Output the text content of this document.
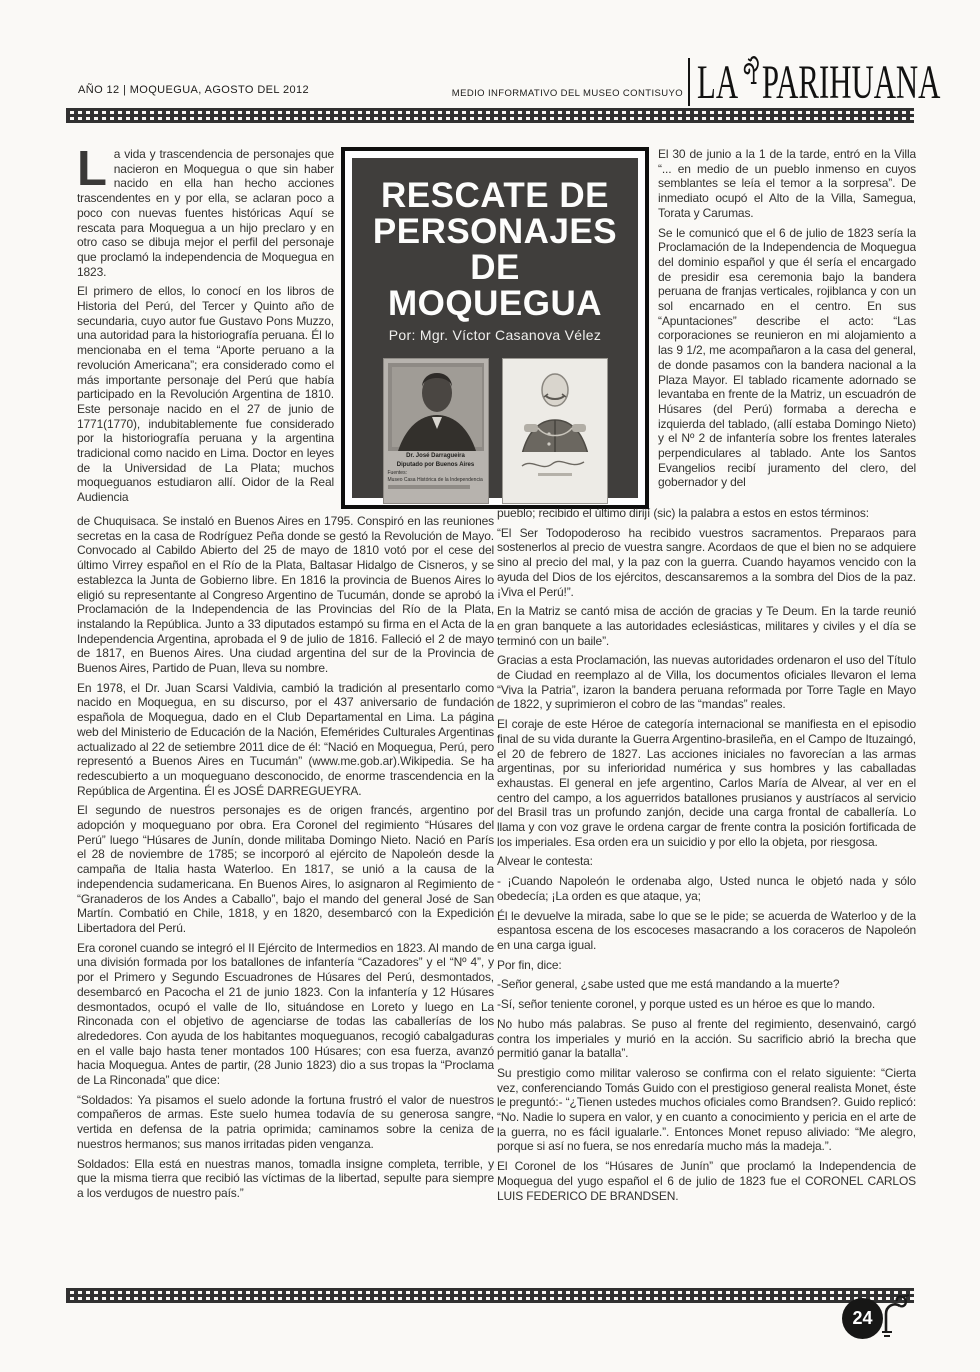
AÑO 12 | MOQUEGUA, AGOSTO DEL 2012	MEDIO INFORMATIVO DEL MUSEO CONTISUYO LA PARIHUANA

La vida y trascendencia de personajes que nacieron en Moquegua o que sin haber nacido en ella han hecho acciones trascendentes en y por ella, se aclaran poco a poco con nuevas fuentes históricas Aquí se rescata para Moquegua a un hijo preclaro y en otro caso se dibuja mejor el perfil del personaje que proclamó la independencia de Moquegua en 1823.

El primero de ellos, lo conocí en los libros de Historia del Perú, del Tercer y Quinto año de secundaria, cuyo autor fue Gustavo Pons Muzzo, una autoridad para la historiografía peruana. Él lo mencionaba en el tema “Aporte peruano a la revolución Americana”; era considerado como el más importante personaje del Perú que había participado en la Revolución Argentina de 1810. Este personaje nacido en el 27 de junio de 1771(1770), indubitablemente fue considerado por la historiografía peruana y la argentina tradicional como nacido en Lima. Doctor en leyes de la Universidad de La Plata; muchos moqueguanos estudiaron allí. Oidor de la Real Audiencia

RESCATE DE
PERSONAJES
DE
MOQUEGUA
Por: Mgr. Víctor Casanova Vélez
Dr. José Darragueira
Diputado por Buenos Aires
Fuentes:
Museo Casa Histórica de la Independencia

El 30 de junio a la 1 de la tarde, entró en la Villa “... en medio de un pueblo inmenso en cuyos semblantes se leía el temor a la sorpresa”. De inmediato ocupó el Alto de la Villa, Samegua, Torata y Carumas.

Se le comunicó que el 6 de julio de 1823 sería la Proclamación de la Independencia de Moquegua del dominio español y que él sería el encargado de presidir esa ceremonia bajo la bandera peruana de franjas verticales, rojiblanca y con un sol encarnado en el centro. En sus “Apuntaciones” describe el acto: “Las corporaciones se reunieron en mi alojamiento a las 9 1/2, me acompañaron a la casa del general, de donde pasamos con la bandera nacional a la Plaza Mayor. El tablado ricamente adornado se levantaba en frente de la Matriz, un escuadrón de Húsares (del Perú) formaba a derecha e izquierda del tablado, (allí estaba Domingo Nieto) y el Nº 2 de infantería sobre los frentes laterales perpendiculares al tablado. Ante los Santos Evangelios recibí juramento del clero, del gobernador y del

de Chuquisaca. Se instaló en Buenos Aires en 1795. Conspiró en las reuniones secretas en la casa de Rodríguez Peña donde se gestó la Revolución de Mayo. Convocado al Cabildo Abierto del 25 de mayo de 1810 votó por el cese del último Virrey español en el Río de la Plata, Baltasar Hidalgo de Cisneros, y se establezca la Junta de Gobierno libre. En 1816 la provincia de Buenos Aires lo eligió su representante al Congreso Argentino de Tucumán, donde se aprobó la Proclamación de la Independencia de las Provincias del Río de la Plata, instalando la República. Junto a 33 diputados estampó su firma en el Acta de la Independencia Argentina, aprobada el 9 de julio de 1816. Falleció el 2 de mayo de 1817, en Buenos Aires. Una ciudad argentina del sur de la Provincia de Buenos Aires, Partido de Puan, lleva su nombre.

En 1978, el Dr. Juan Scarsi Valdivia, cambió la tradición al presentarlo como nacido en Moquegua, en su discurso, por el 437 aniversario de fundación española de Moquegua, dado en el Club Departamental en Lima. La página web del Ministerio de Educación de la Nación, Efemérides Culturales Argentinas actualizado al 22 de setiembre 2011 dice de él: “Nació en Moquegua, Perú, pero representó a Buenos Aires en Tucumán” (www.me.gob.ar).Wikipedia. Se ha redescubierto a un moqueguano desconocido, de enorme trascendencia en la República de Argentina. Él es JOSÉ DARREGUEYRA.

El segundo de nuestros personajes es de origen francés, argentino por adopción y moqueguano por obra. Era Coronel del regimiento “Húsares del Perú” luego “Húsares de Junín, donde militaba Domingo Nieto. Nació en París el 28 de noviembre de 1785; se incorporó al ejército de Napoleón desde la campaña de Italia hasta Waterloo. En 1817, se unió a la causa de la independencia sudamericana. En Buenos Aires, lo asignaron al Regimiento de “Granaderos de los Andes a Caballo”, bajo el mando del general José de San Martín. Combatió en Chile, 1818, y en 1820, desembarcó con la Expedición Libertadora del Perú.

Era coronel cuando se integró el II Ejército de Intermedios en 1823. Al mando de una división formada por los batallones de infantería “Cazadores” y el “Nº 4”, y por el Primero y Segundo Escuadrones de Húsares del Perú, desmontados, desembarcó en Pacocha el 21 de junio 1823. Con la infantería y 12 Húsares desmontados, ocupó el valle de Ilo, situándose en Loreto y luego en La Rinconada con el objetivo de agenciarse de todas las caballerías de los alrededores. Con ayuda de los habitantes moqueguanos, recogió cabalgaduras en el valle bajo hasta tener montados 100 Húsares; con esa fuerza, avanzó hacia Moquegua. Antes de partir, (28 Junio 1823) dio a sus tropas la “Proclama de La Rinconada” que dice:

“Soldados: Ya pisamos el suelo adonde la fortuna frustró el valor de nuestros compañeros de armas. Este suelo humea todavía de su generosa sangre, vertida en defensa de la patria oprimida; caminamos sobre la ceniza de nuestros hermanos; sus manos irritadas piden venganza.

Soldados: Ella está en nuestras manos, tomadla insigne completa, terrible, y que la misma tierra que recibió las víctimas de la libertad, sepulte para siempre a los verdugos de nuestro país.”

pueblo; recibido el último dirijí (sic) la palabra a estos en estos términos:

“El Ser Todopoderoso ha recibido vuestros sacramentos. Preparaos para sostenerlos al precio de vuestra sangre. Acordaos de que el bien no se adquiere sino al precio del mal, y la paz con la guerra. Cuando hayamos vencido con la ayuda del Dios de los ejércitos, descansaremos a la sombra del Dios de la paz. ¡Viva el Perú!”.

En la Matriz se cantó misa de acción de gracias y Te Deum. En la tarde reunió en gran banquete a las autoridades eclesiásticas, militares y civiles y el día se terminó con un baile”.

Gracias a esta Proclamación, las nuevas autoridades ordenaron el uso del Título de Ciudad en reemplazo al de Villa, los documentos oficiales llevaron el lema “Viva la Patria”, izaron la bandera peruana reformada por Torre Tagle en Mayo de 1822, y suprimieron el cobro de las “mandas” reales.

El coraje de este Héroe de categoría internacional se manifiesta en el episodio final de su vida durante la Guerra Argentino-brasileña, en el Campo de Ituzaingó, el 20 de febrero de 1827. Las acciones iniciales no favorecían a las armas argentinas, por su inferioridad numérica y sus hombres y las caballadas exhaustas. El general en jefe argentino, Carlos María de Alvear, al ver en el centro del campo, a los aguerridos batallones prusianos y austríacos al servicio del Brasil tras un profundo zanjón, decide una carga frontal de caballería. Lo llama y con voz grave le ordena cargar de frente contra la posición fortificada de los imperiales. Esa orden era un suicidio y por ello la objeta, por riesgosa.

Alvear le contesta:

- ¡Cuando Napoleón le ordenaba algo, Usted nunca le objetó nada y sólo obedecía; ¡La orden es que ataque, ya;

Él le devuelve la mirada, sabe lo que se le pide; se acuerda de Waterloo y de la espantosa escena de los escoceses masacrando a los coraceros de Napoleón en una carga igual.

Por fin, dice:

-Señor general, ¿sabe usted que me está mandando a la muerte?

-Sí, señor teniente coronel, y porque usted es un héroe es que lo mando.

No hubo más palabras. Se puso al frente del regimiento, desenvainó, cargó contra los imperiales y murió en la acción. Su sacrificio abrió la brecha que permitió ganar la batalla”.

Su prestigio como militar valeroso se confirma con el relato siguiente: “Cierta vez, conferenciando Tomás Guido con el prestigioso general realista Monet, éste le preguntó:- “¿Tienen ustedes muchos oficiales como Brandsen?. Guido replicó: “No. Nadie lo supera en valor, y en cuanto a conocimiento y pericia en el arte de la guerra, no es fácil igualarle.”. Entonces Monet repuso aliviado: “Me alegro, porque si así no fuera, se nos enredaría mucho más la madeja.”.

El Coronel de los “Húsares de Junín” que proclamó la Independencia de Moquegua del yugo español el 6 de julio de 1823 fue el CORONEL CARLOS LUIS FEDERICO DE BRANDSEN.

24
